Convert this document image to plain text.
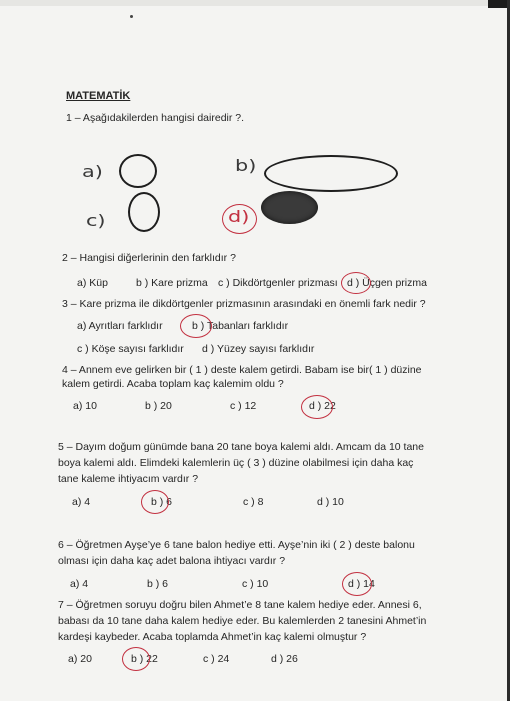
MATEMATİK
1 – Aşağıdakilerden hangisi dairedir ?.
a)	b)
c)	d)
2 – Hangisi diğerlerinin den farklıdır ?
a) Küp	b ) Kare prizma c ) Dikdörtgenler prizması d ) Üçgen prizma
3 – Kare prizma ile dikdörtgenler prizmasının arasındaki en önemli fark nedir ?
a) Ayrıtları farklıdır	b ) Tabanları farklıdır
c ) Köşe sayısı farklıdır d ) Yüzey sayısı farklıdır
4 – Annem eve gelirken bir ( 1 ) deste kalem getirdi. Babam ise bir( 1 ) düzine
kalem getirdi. Acaba toplam kaç kalemim oldu ?
a) 10	b ) 20	c ) 12	d ) 22
5 – Dayım doğum günümde bana 20 tane boya kalemi aldı. Amcam da 10 tane
boya kalemi aldı. Elimdeki kalemlerin üç ( 3 ) düzine olabilmesi için daha kaç
tane kaleme ihtiyacım vardır ?
a) 4	b ) 6	c ) 8	d ) 10
6 – Öğretmen Ayşe’ye 6 tane balon hediye etti. Ayşe’nin iki ( 2 ) deste balonu
olması için daha kaç adet balona ihtiyacı vardır ?
a) 4	b ) 6	c ) 10	d ) 14
7 – Öğretmen soruyu doğru bilen Ahmet’e 8 tane kalem hediye eder. Annesi 6,
babası da 10 tane daha kalem hediye eder. Bu kalemlerden 2 tanesini Ahmet’in
kardeşi kaybeder. Acaba toplamda Ahmet’in kaç kalemi olmuştur ?
a) 20	b ) 22	c ) 24	d ) 26
